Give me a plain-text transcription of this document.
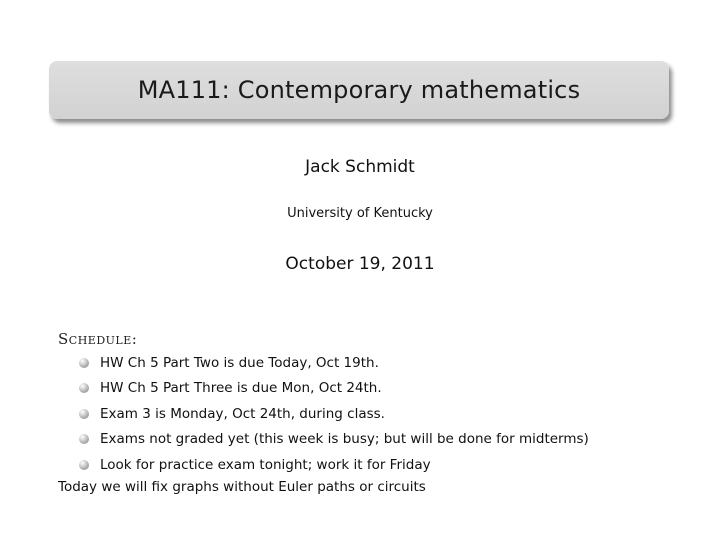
MA111: Contemporary mathematics
Jack Schmidt
University of Kentucky
October 19, 2011
Schedule:
HW Ch 5 Part Two is due Today, Oct 19th.
HW Ch 5 Part Three is due Mon, Oct 24th.
Exam 3 is Monday, Oct 24th, during class.
Exams not graded yet (this week is busy; but will be done for midterms)
Look for practice exam tonight; work it for Friday
Today we will fix graphs without Euler paths or circuits
